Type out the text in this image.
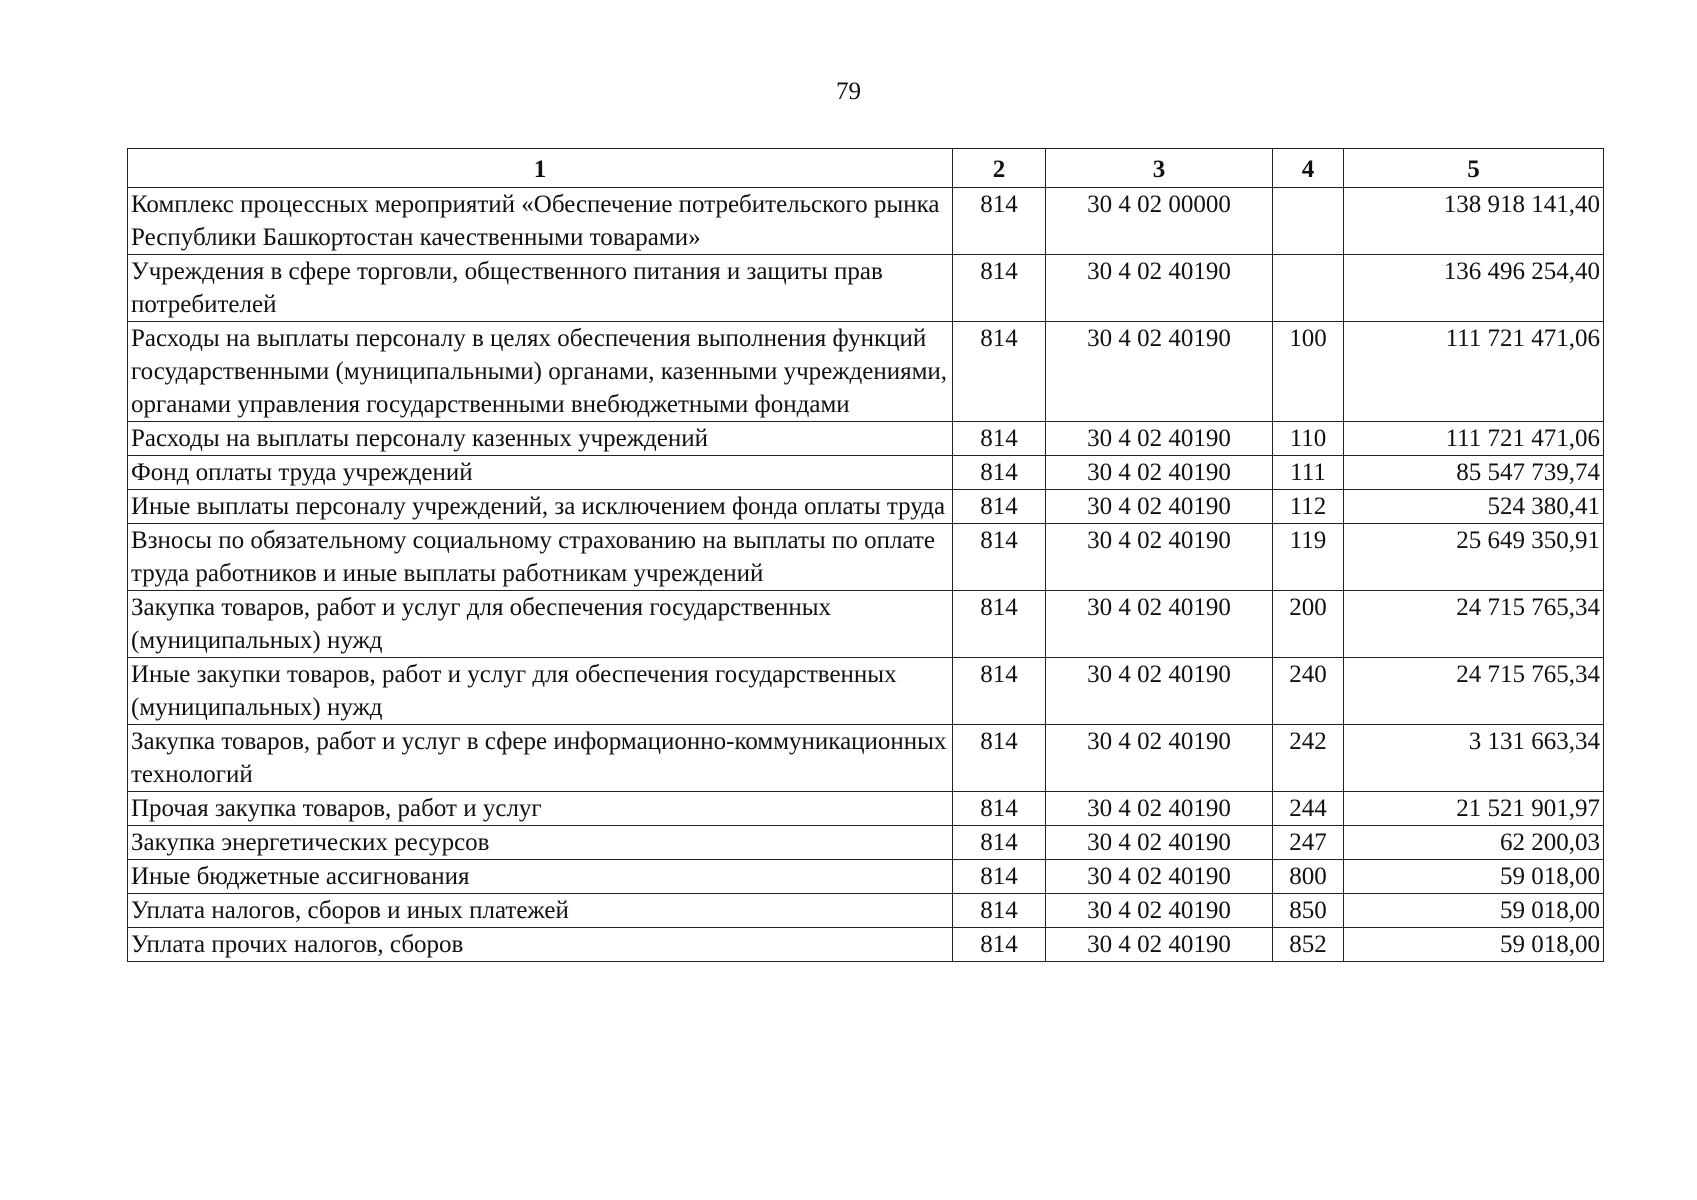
79
1	2	3	4	5
Комплекс процессных мероприятий «Обеспечение потребительского рынка Республики Башкортостан качественными товарами»	814	30 4 02 00000		138 918 141,40
Учреждения в сфере торговли, общественного питания и защиты прав потребителей	814	30 4 02 40190		136 496 254,40
Расходы на выплаты персоналу в целях обеспечения выполнения функций государственными (муниципальными) органами, казенными учреждениями, органами управления государственными внебюджетными фондами	814	30 4 02 40190	100	111 721 471,06
Расходы на выплаты персоналу казенных учреждений	814	30 4 02 40190	110	111 721 471,06
Фонд оплаты труда учреждений	814	30 4 02 40190	111	85 547 739,74
Иные выплаты персоналу учреждений, за исключением фонда оплаты труда	814	30 4 02 40190	112	524 380,41
Взносы по обязательному социальному страхованию на выплаты по оплате труда работников и иные выплаты работникам учреждений	814	30 4 02 40190	119	25 649 350,91
Закупка товаров, работ и услуг для обеспечения государственных (муниципальных) нужд	814	30 4 02 40190	200	24 715 765,34
Иные закупки товаров, работ и услуг для обеспечения государственных (муниципальных) нужд	814	30 4 02 40190	240	24 715 765,34
Закупка товаров, работ и услуг в сфере информационно-коммуникационных технологий	814	30 4 02 40190	242	3 131 663,34
Прочая закупка товаров, работ и услуг	814	30 4 02 40190	244	21 521 901,97
Закупка энергетических ресурсов	814	30 4 02 40190	247	62 200,03
Иные бюджетные ассигнования	814	30 4 02 40190	800	59 018,00
Уплата налогов, сборов и иных платежей	814	30 4 02 40190	850	59 018,00
Уплата прочих налогов, сборов	814	30 4 02 40190	852	59 018,00
